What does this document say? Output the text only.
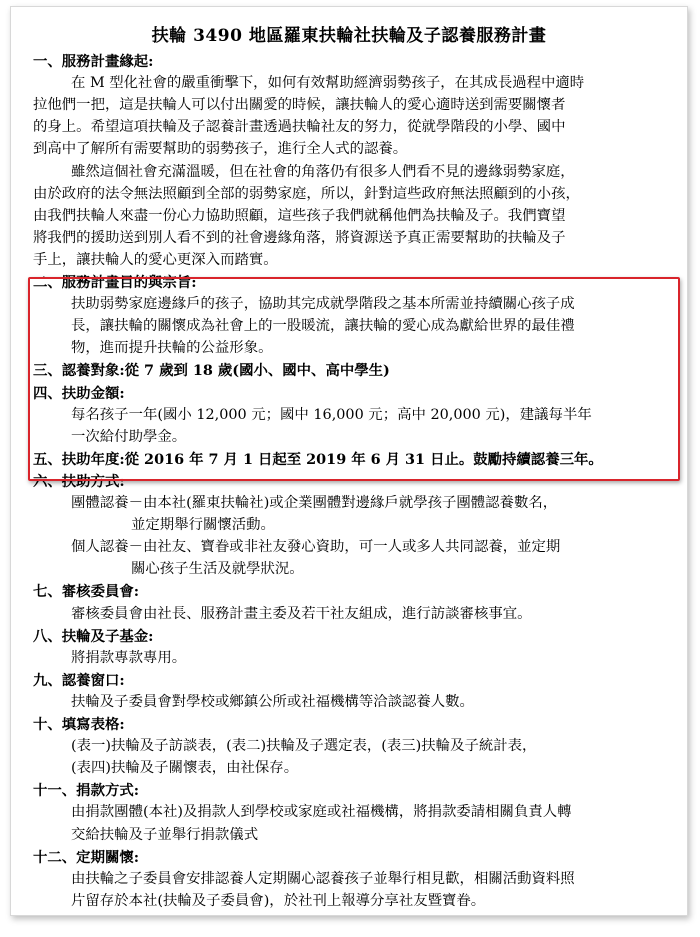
扶輪 3490 地區羅東扶輪社扶輪及子認養服務計畫
一、服務計畫緣起:
在 M 型化社會的嚴重衝擊下，如何有效幫助經濟弱勢孩子，在其成長過程中適時
拉他們一把，這是扶輪人可以付出關愛的時候，讓扶輪人的愛心適時送到需要關懷者
的身上。希望這項扶輪及子認養計畫透過扶輪社友的努力，從就學階段的小學、國中
到高中了解所有需要幫助的弱勢孩子，進行全人式的認養。
雖然這個社會充滿溫暖，但在社會的角落仍有很多人們看不見的邊緣弱勢家庭，
由於政府的法令無法照顧到全部的弱勢家庭，所以，針對這些政府無法照顧到的小孩，
由我們扶輪人來盡一份心力協助照顧，這些孩子我們就稱他們為扶輪及子。我們寶望
將我們的援助送到別人看不到的社會邊緣角落，將資源送予真正需要幫助的扶輪及子
手上，讓扶輪人的愛心更深入而踏實。
二、服務計畫目的與宗旨:
扶助弱勢家庭邊緣戶的孩子，協助其完成就學階段之基本所需並持續關心孩子成
長，讓扶輪的關懷成為社會上的一股暖流，讓扶輪的愛心成為獻給世界的最佳禮
物，進而提升扶輪的公益形象。
三、認養對象:從 7 歲到 18 歲(國小、國中、高中學生)
四、扶助金額:
每名孩子一年(國小 12,000 元；國中 16,000 元；高中 20,000 元)，建議每半年
一次給付助學金。
五、扶助年度:從 2016 年 7 月 1 日起至 2019 年 6 月 31 日止。鼓勵持續認養三年。
六、扶助方式:
團體認養－由本社(羅東扶輪社)或企業團體對邊緣戶就學孩子團體認養數名，
並定期舉行關懷活動。
個人認養－由社友、寶眷或非社友發心資助，可一人或多人共同認養，並定期
關心孩子生活及就學狀況。
七、審核委員會:
審核委員會由社長、服務計畫主委及若干社友組成，進行訪談審核事宜。
八、扶輪及子基金:
將捐款專款專用。
九、認養窗口:
扶輪及子委員會對學校或鄉鎮公所或社福機構等洽談認養人數。
十、填寫表格:
(表一)扶輪及子訪談表，(表二)扶輪及子選定表，(表三)扶輪及子統計表，
(表四)扶輪及子關懷表，由社保存。
十一、捐款方式:
由捐款團體(本社)及捐款人到學校或家庭或社福機構，將捐款委請相關負責人轉
交給扶輪及子並舉行捐款儀式
十二、定期關懷:
由扶輪之子委員會安排認養人定期關心認養孩子並舉行相見歡，相關活動資料照
片留存於本社(扶輪及子委員會)，於社刊上報導分享社友暨寶眷。
